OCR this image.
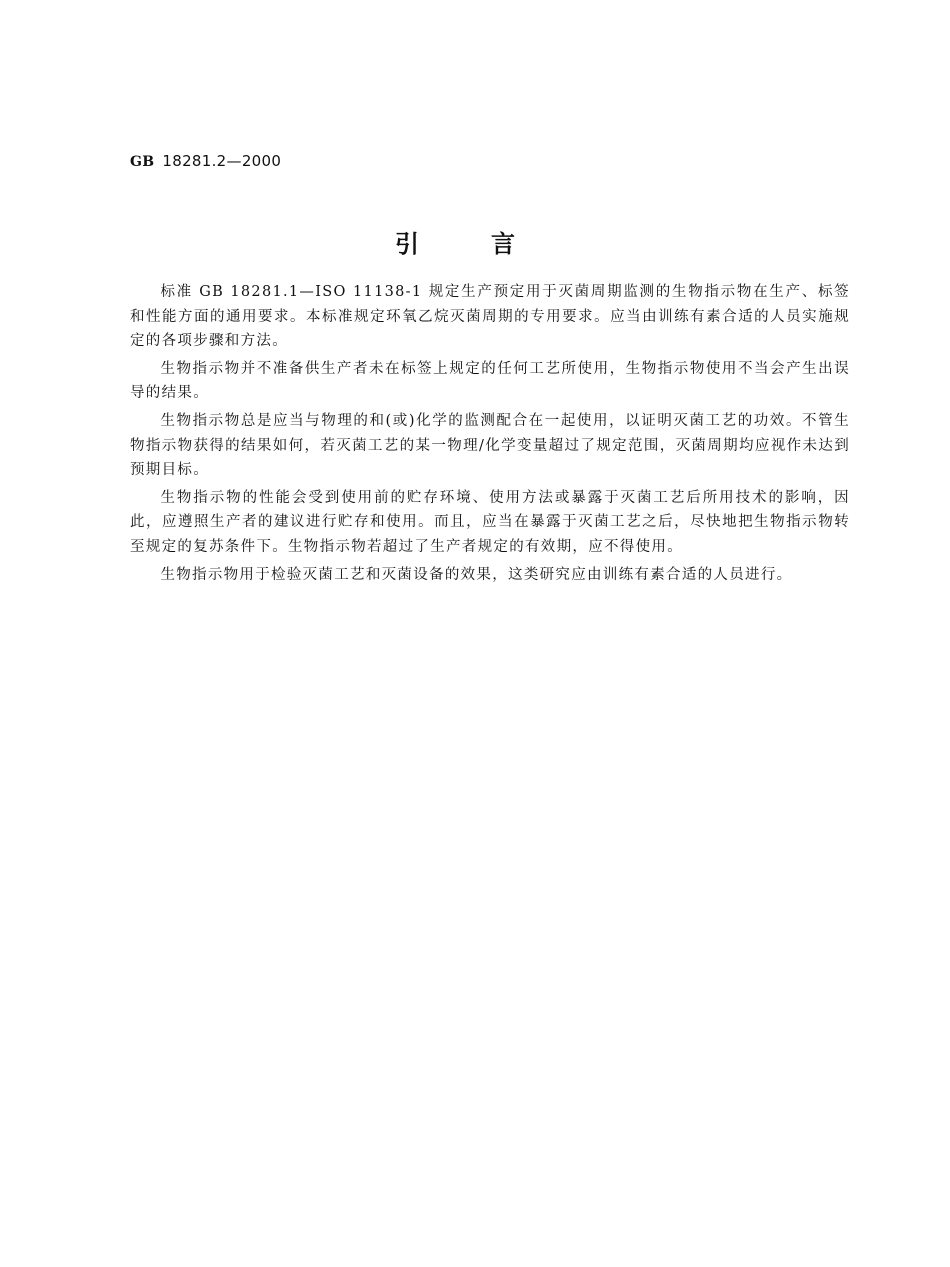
GB 18281.2—2000
引言

标准 GB 18281.1—ISO 11138-1 规定生产预定用于灭菌周期监测的生物指示物在生产、标签和性能方面的通用要求。本标准规定环氧乙烷灭菌周期的专用要求。应当由训练有素合适的人员实施规定的各项步骤和方法。

生物指示物并不准备供生产者未在标签上规定的任何工艺所使用，生物指示物使用不当会产生出误导的结果。

生物指示物总是应当与物理的和(或)化学的监测配合在一起使用，以证明灭菌工艺的功效。不管生物指示物获得的结果如何，若灭菌工艺的某一物理/化学变量超过了规定范围，灭菌周期均应视作未达到预期目标。

生物指示物的性能会受到使用前的贮存环境、使用方法或暴露于灭菌工艺后所用技术的影响，因此，应遵照生产者的建议进行贮存和使用。而且，应当在暴露于灭菌工艺之后，尽快地把生物指示物转至规定的复苏条件下。生物指示物若超过了生产者规定的有效期，应不得使用。

生物指示物用于检验灭菌工艺和灭菌设备的效果，这类研究应由训练有素合适的人员进行。
